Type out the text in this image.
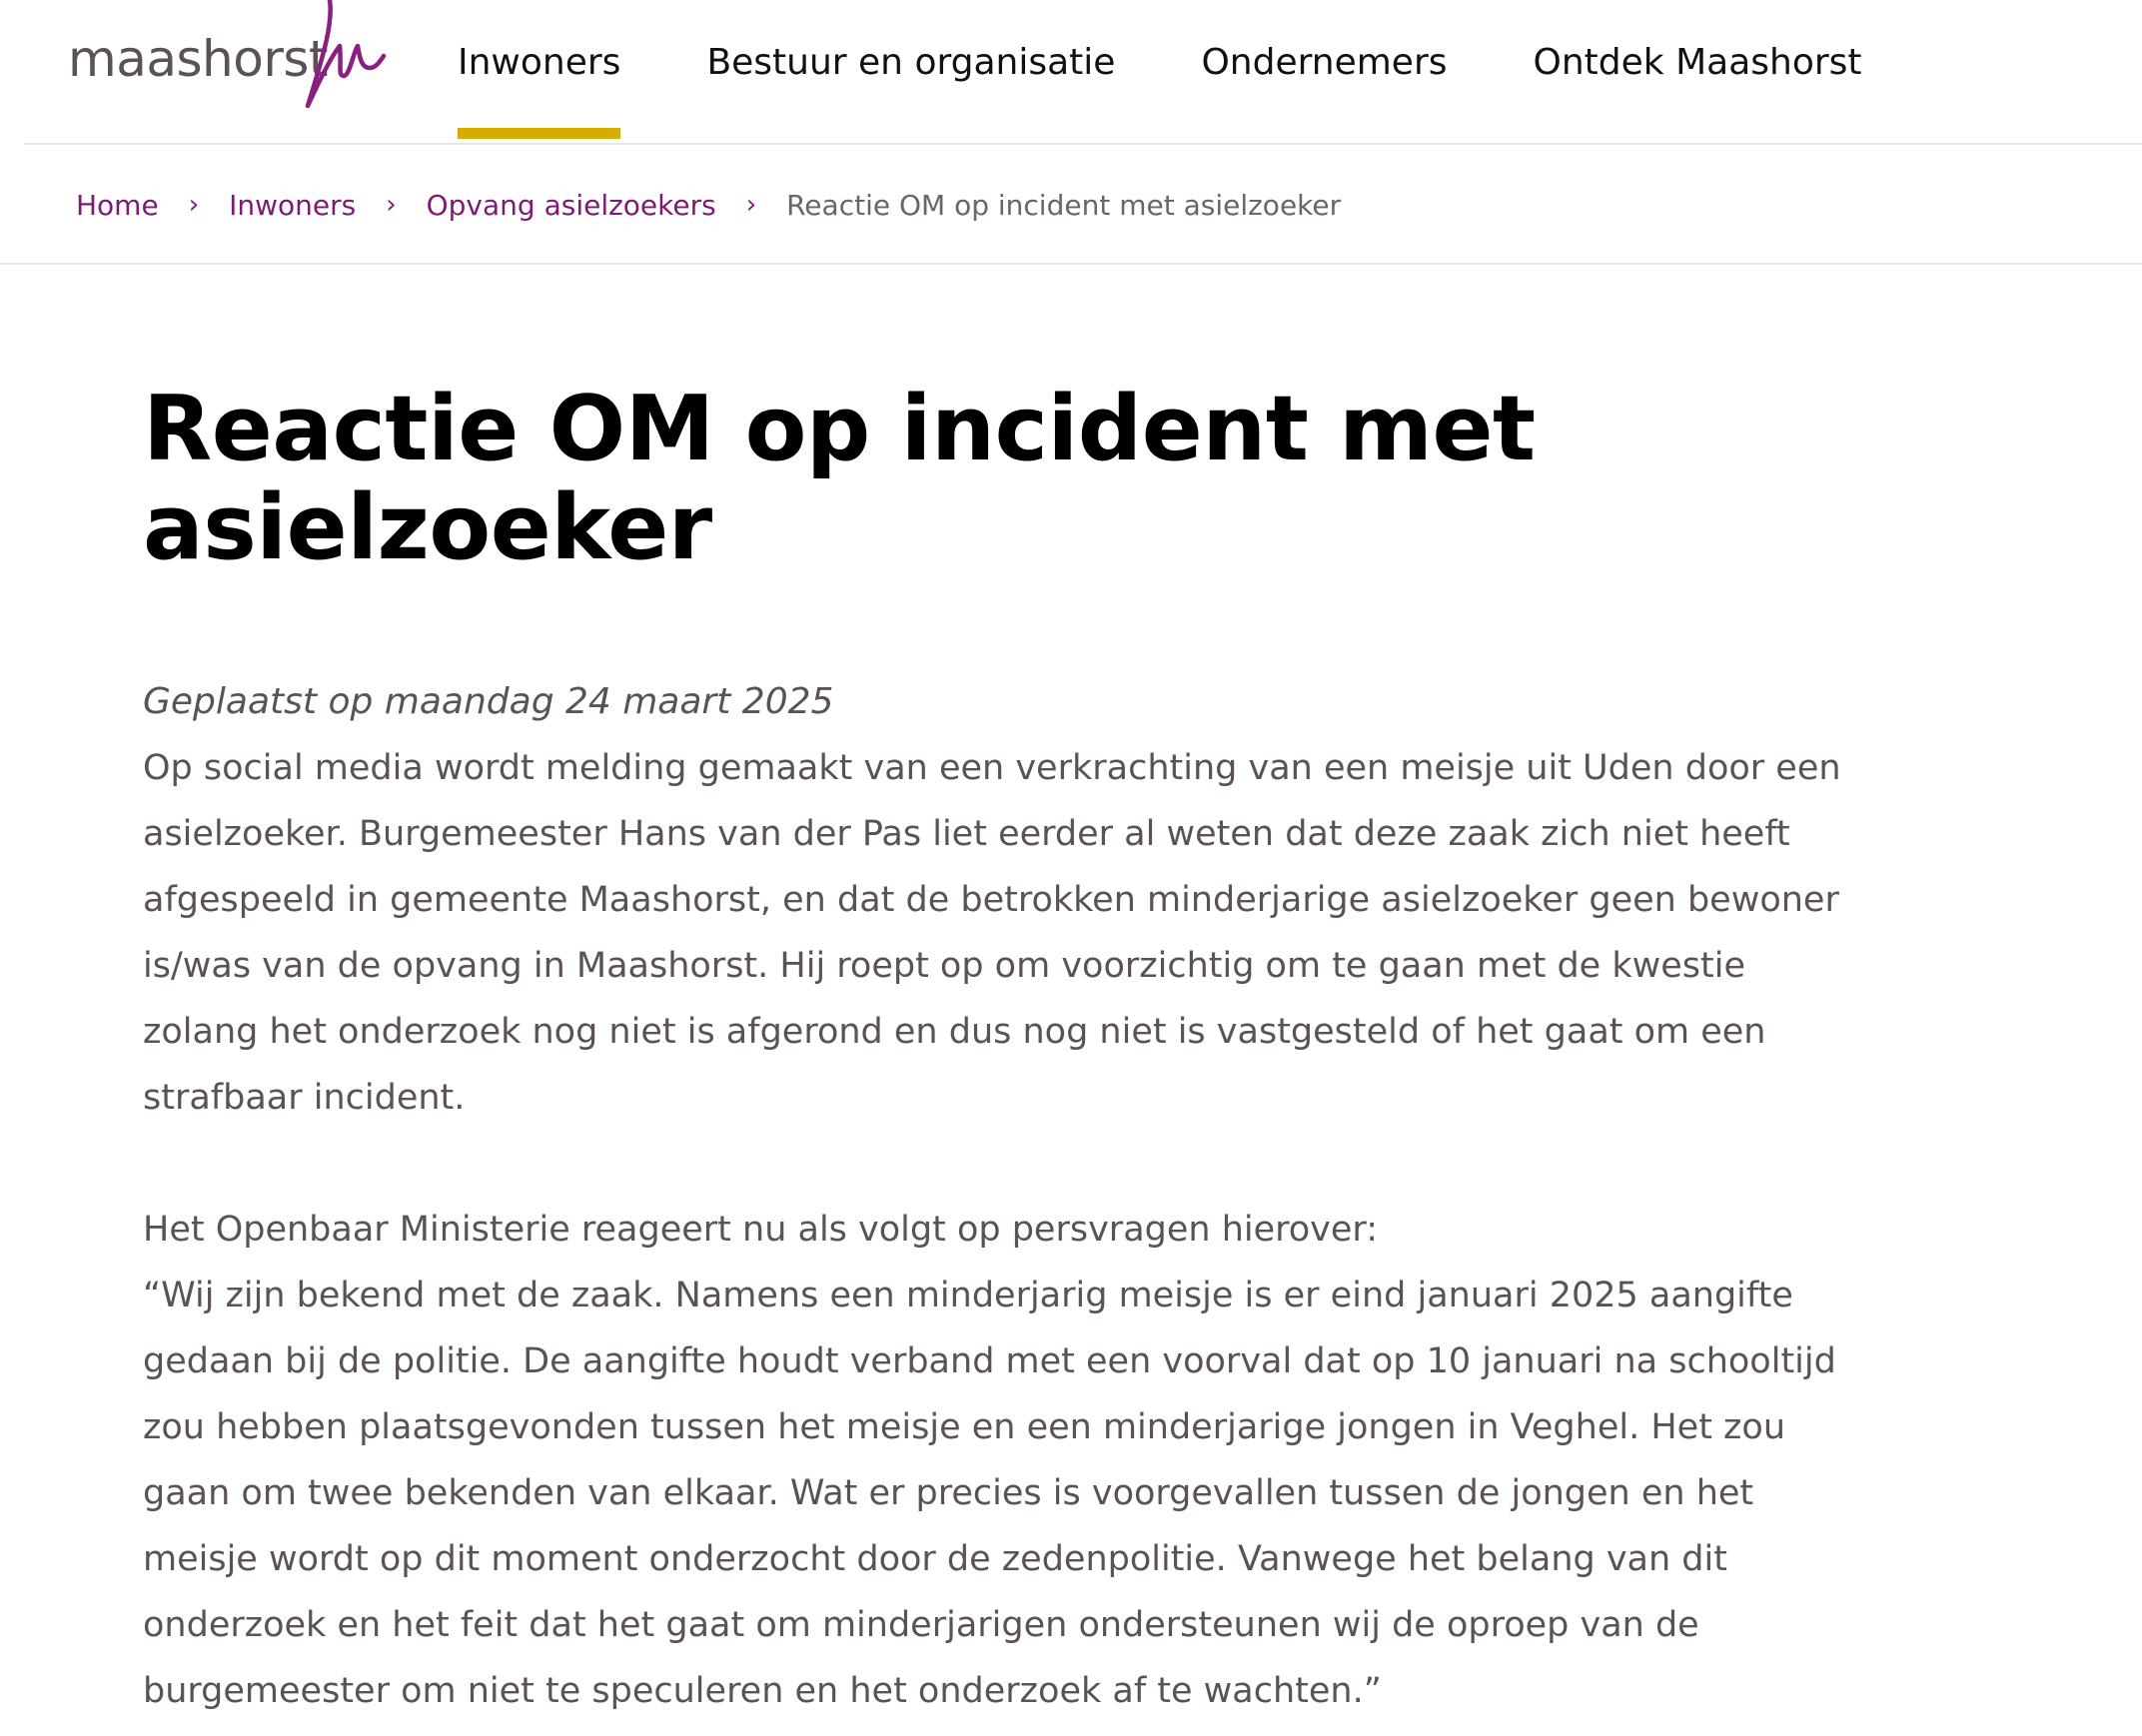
maashorst	Inwoners Bestuur en organisatie Ondernemers Ontdek Maashorst
Home › Inwoners › Opvang asielzoekers › Reactie OM op incident met asielzoeker
Reactie OM op incident met asielzoeker
Geplaatst op maandag 24 maart 2025

Op social media wordt melding gemaakt van een verkrachting van een meisje uit Uden door een asielzoeker. Burgemeester Hans van der Pas liet eerder al weten dat deze zaak zich niet heeft afgespeeld in gemeente Maashorst, en dat de betrokken minderjarige asielzoeker geen bewoner is/was van de opvang in Maashorst. Hij roept op om voorzichtig om te gaan met de kwestie zolang het onderzoek nog niet is afgerond en dus nog niet is vastgesteld of het gaat om een strafbaar incident.

Het Openbaar Ministerie reageert nu als volgt op persvragen hierover:
“Wij zijn bekend met de zaak. Namens een minderjarig meisje is er eind januari 2025 aangifte gedaan bij de politie. De aangifte houdt verband met een voorval dat op 10 januari na schooltijd zou hebben plaatsgevonden tussen het meisje en een minderjarige jongen in Veghel. Het zou gaan om twee bekenden van elkaar. Wat er precies is voorgevallen tussen de jongen en het meisje wordt op dit moment onderzocht door de zedenpolitie. Vanwege het belang van dit onderzoek en het feit dat het gaat om minderjarigen ondersteunen wij de oproep van de burgemeester om niet te speculeren en het onderzoek af te wachten.”
